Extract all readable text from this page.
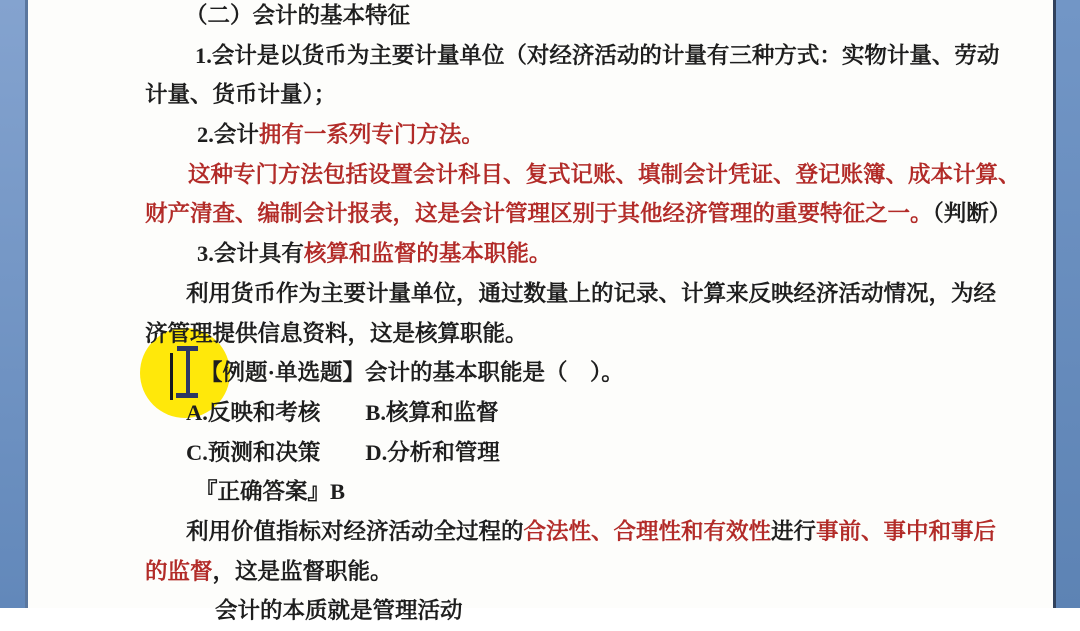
（二）会计的基本特征
1.会计是以货币为主要计量单位（对经济活动的计量有三种方式：实物计量、劳动
计量、货币计量）；
2.会计拥有一系列专门方法。
这种专门方法包括设置会计科目、复式记账、填制会计凭证、登记账簿、成本计算、
财产清查、编制会计报表，这是会计管理区别于其他经济管理的重要特征之一。（判断）
3.会计具有核算和监督的基本职能。
利用货币作为主要计量单位，通过数量上的记录、计算来反映经济活动情况，为经
济管理提供信息资料，这是核算职能。
【例题·单选题】会计的基本职能是（　）。
A.反映和考核　　B.核算和监督
C.预测和决策　　D.分析和管理
『正确答案』B
利用价值指标对经济活动全过程的合法性、合理性和有效性进行事前、事中和事后
的监督，这是监督职能。
会计的本质就是管理活动
